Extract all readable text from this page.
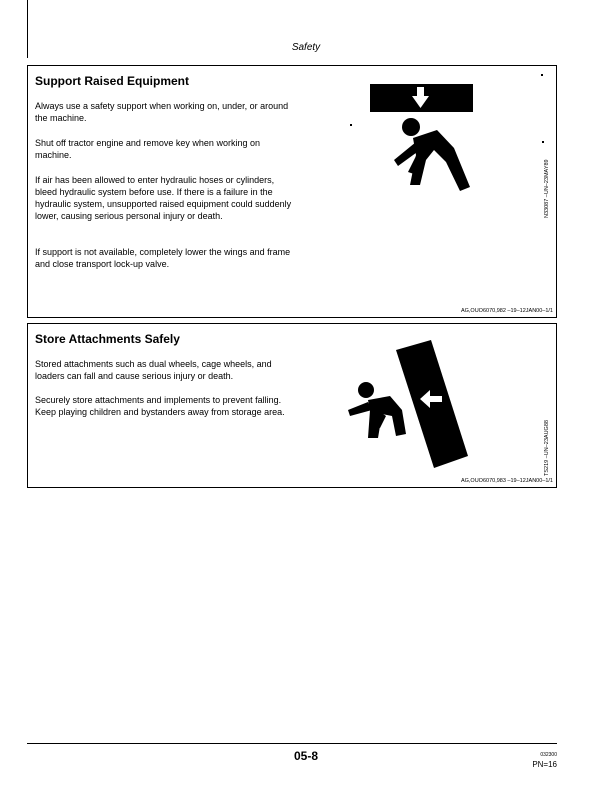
Safety
Support Raised Equipment

Always use a safety support when working on, under, or around the machine.

Shut off tractor engine and remove key when working on machine.

If air has been allowed to enter hydraulic hoses or cylinders, bleed hydraulic system before use. If there is a failure in the hydraulic system, unsupported raised equipment could suddenly lower, causing serious personal injury or death.

If support is not available, completely lower the wings and frame and close transport lock-up valve.

N33087 –UN–23MAY89
AG,OUO6070,982 –19–12JAN00–1/1
Store Attachments Safely

Stored attachments such as dual wheels, cage wheels, and loaders can fall and cause serious injury or death.

Securely store attachments and implements to prevent falling. Keep playing children and bystanders away from storage area.

TS219 –UN–23AUG88
AG,OUO6070,983 –19–12JAN00–1/1
05-8	032300
PN=16
